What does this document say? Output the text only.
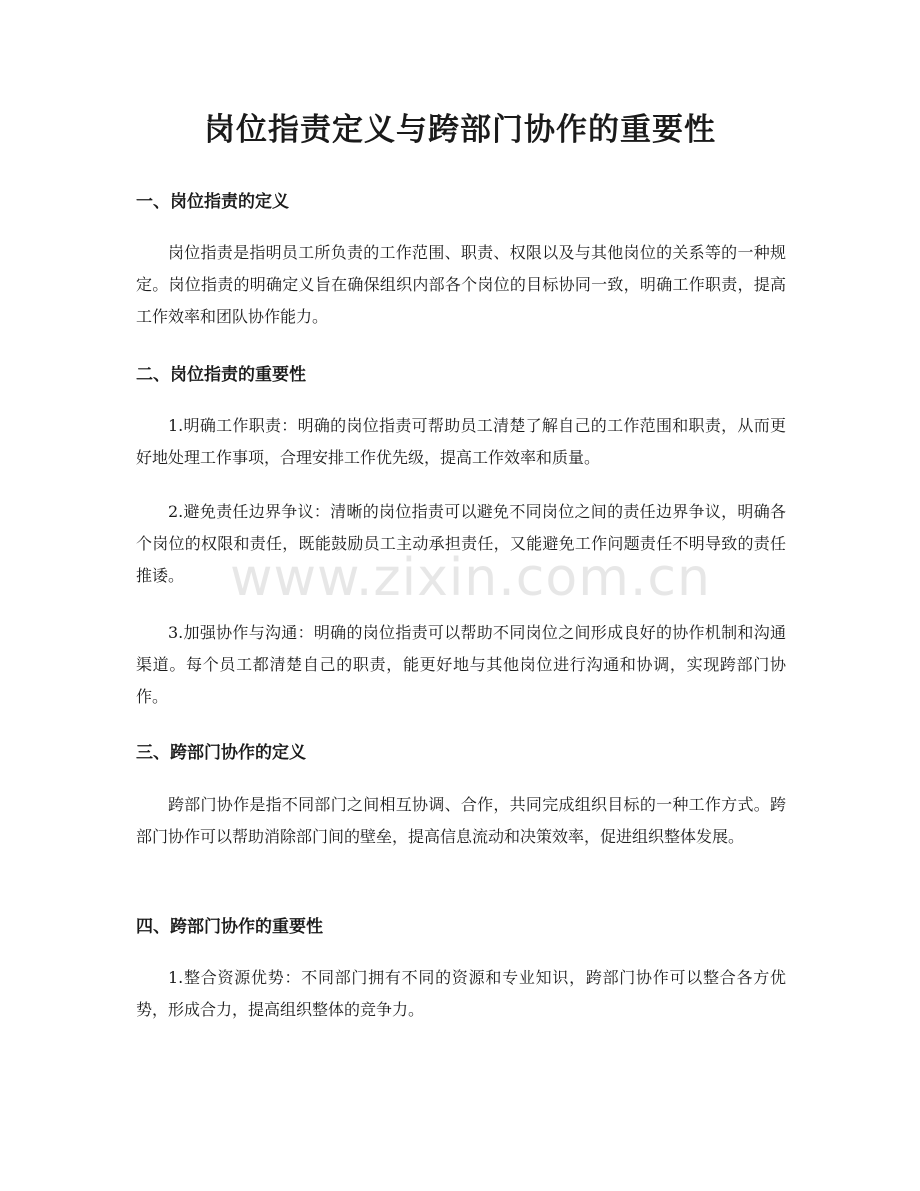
岗位指责定义与跨部门协作的重要性
一、岗位指责的定义

岗位指责是指明员工所负责的工作范围、职责、权限以及与其他岗位的关系等的一种规定。岗位指责的明确定义旨在确保组织内部各个岗位的目标协同一致，明确工作职责，提高工作效率和团队协作能力。

二、岗位指责的重要性

1.明确工作职责：明确的岗位指责可帮助员工清楚了解自己的工作范围和职责，从而更好地处理工作事项，合理安排工作优先级，提高工作效率和质量。

2.避免责任边界争议：清晰的岗位指责可以避免不同岗位之间的责任边界争议，明确各个岗位的权限和责任，既能鼓励员工主动承担责任，又能避免工作问题责任不明导致的责任推诿。

3.加强协作与沟通：明确的岗位指责可以帮助不同岗位之间形成良好的协作机制和沟通渠道。每个员工都清楚自己的职责，能更好地与其他岗位进行沟通和协调，实现跨部门协作。

三、跨部门协作的定义

跨部门协作是指不同部门之间相互协调、合作，共同完成组织目标的一种工作方式。跨部门协作可以帮助消除部门间的壁垒，提高信息流动和决策效率，促进组织整体发展。

四、跨部门协作的重要性

1.整合资源优势：不同部门拥有不同的资源和专业知识，跨部门协作可以整合各方优势，形成合力，提高组织整体的竞争力。

www.zixin.com.cn
